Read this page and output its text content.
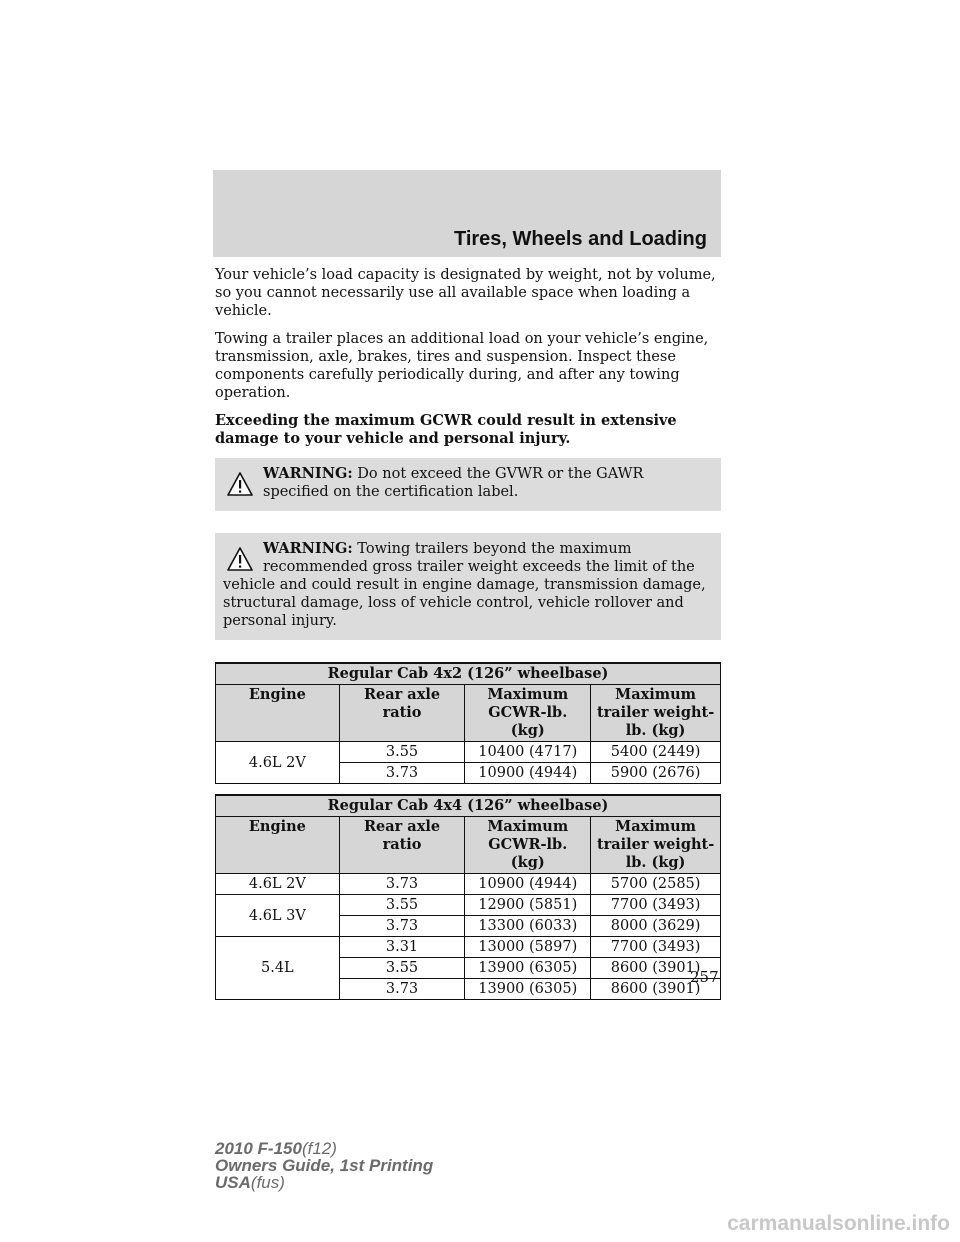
Tires, Wheels and Loading

Your vehicle’s load capacity is designated by weight, not by volume, so you cannot necessarily use all available space when loading a vehicle.

Towing a trailer places an additional load on your vehicle’s engine, transmission, axle, brakes, tires and suspension. Inspect these components carefully periodically during, and after any towing operation.

Exceeding the maximum GCWR could result in extensive damage to your vehicle and personal injury.

WARNING: Do not exceed the GVWR or the GAWR specified on the certification label.
WARNING: Towing trailers beyond the maximum recommended gross trailer weight exceeds the limit of the vehicle and could result in engine damage, transmission damage, structural damage, loss of vehicle control, vehicle rollover and personal injury.
Regular Cab 4x2 (126” wheelbase)			
Engine	Rear axle ratio	Maximum GCWR-lb. (kg)	Maximum trailer weight-lb. (kg)
4.6L 2V	3.55	10400 (4717)	5400 (2449)
	3.73	10900 (4944)	5900 (2676)
Regular Cab 4x4 (126” wheelbase)			
Engine	Rear axle ratio	Maximum GCWR-lb. (kg)	Maximum trailer weight-lb. (kg)
4.6L 2V	3.73	10900 (4944)	5700 (2585)
4.6L 3V	3.55	12900 (5851)	7700 (3493)
	3.73	13300 (6033)	8000 (3629)
5.4L	3.31	13000 (5897)	7700 (3493)
	3.55	13900 (6305)	8600 (3901)
	3.73	13900 (6305)	8600 (3901)
257
2010 F-150(f12)
Owners Guide, 1st Printing
USA(fus)
carmanualsonline.info
